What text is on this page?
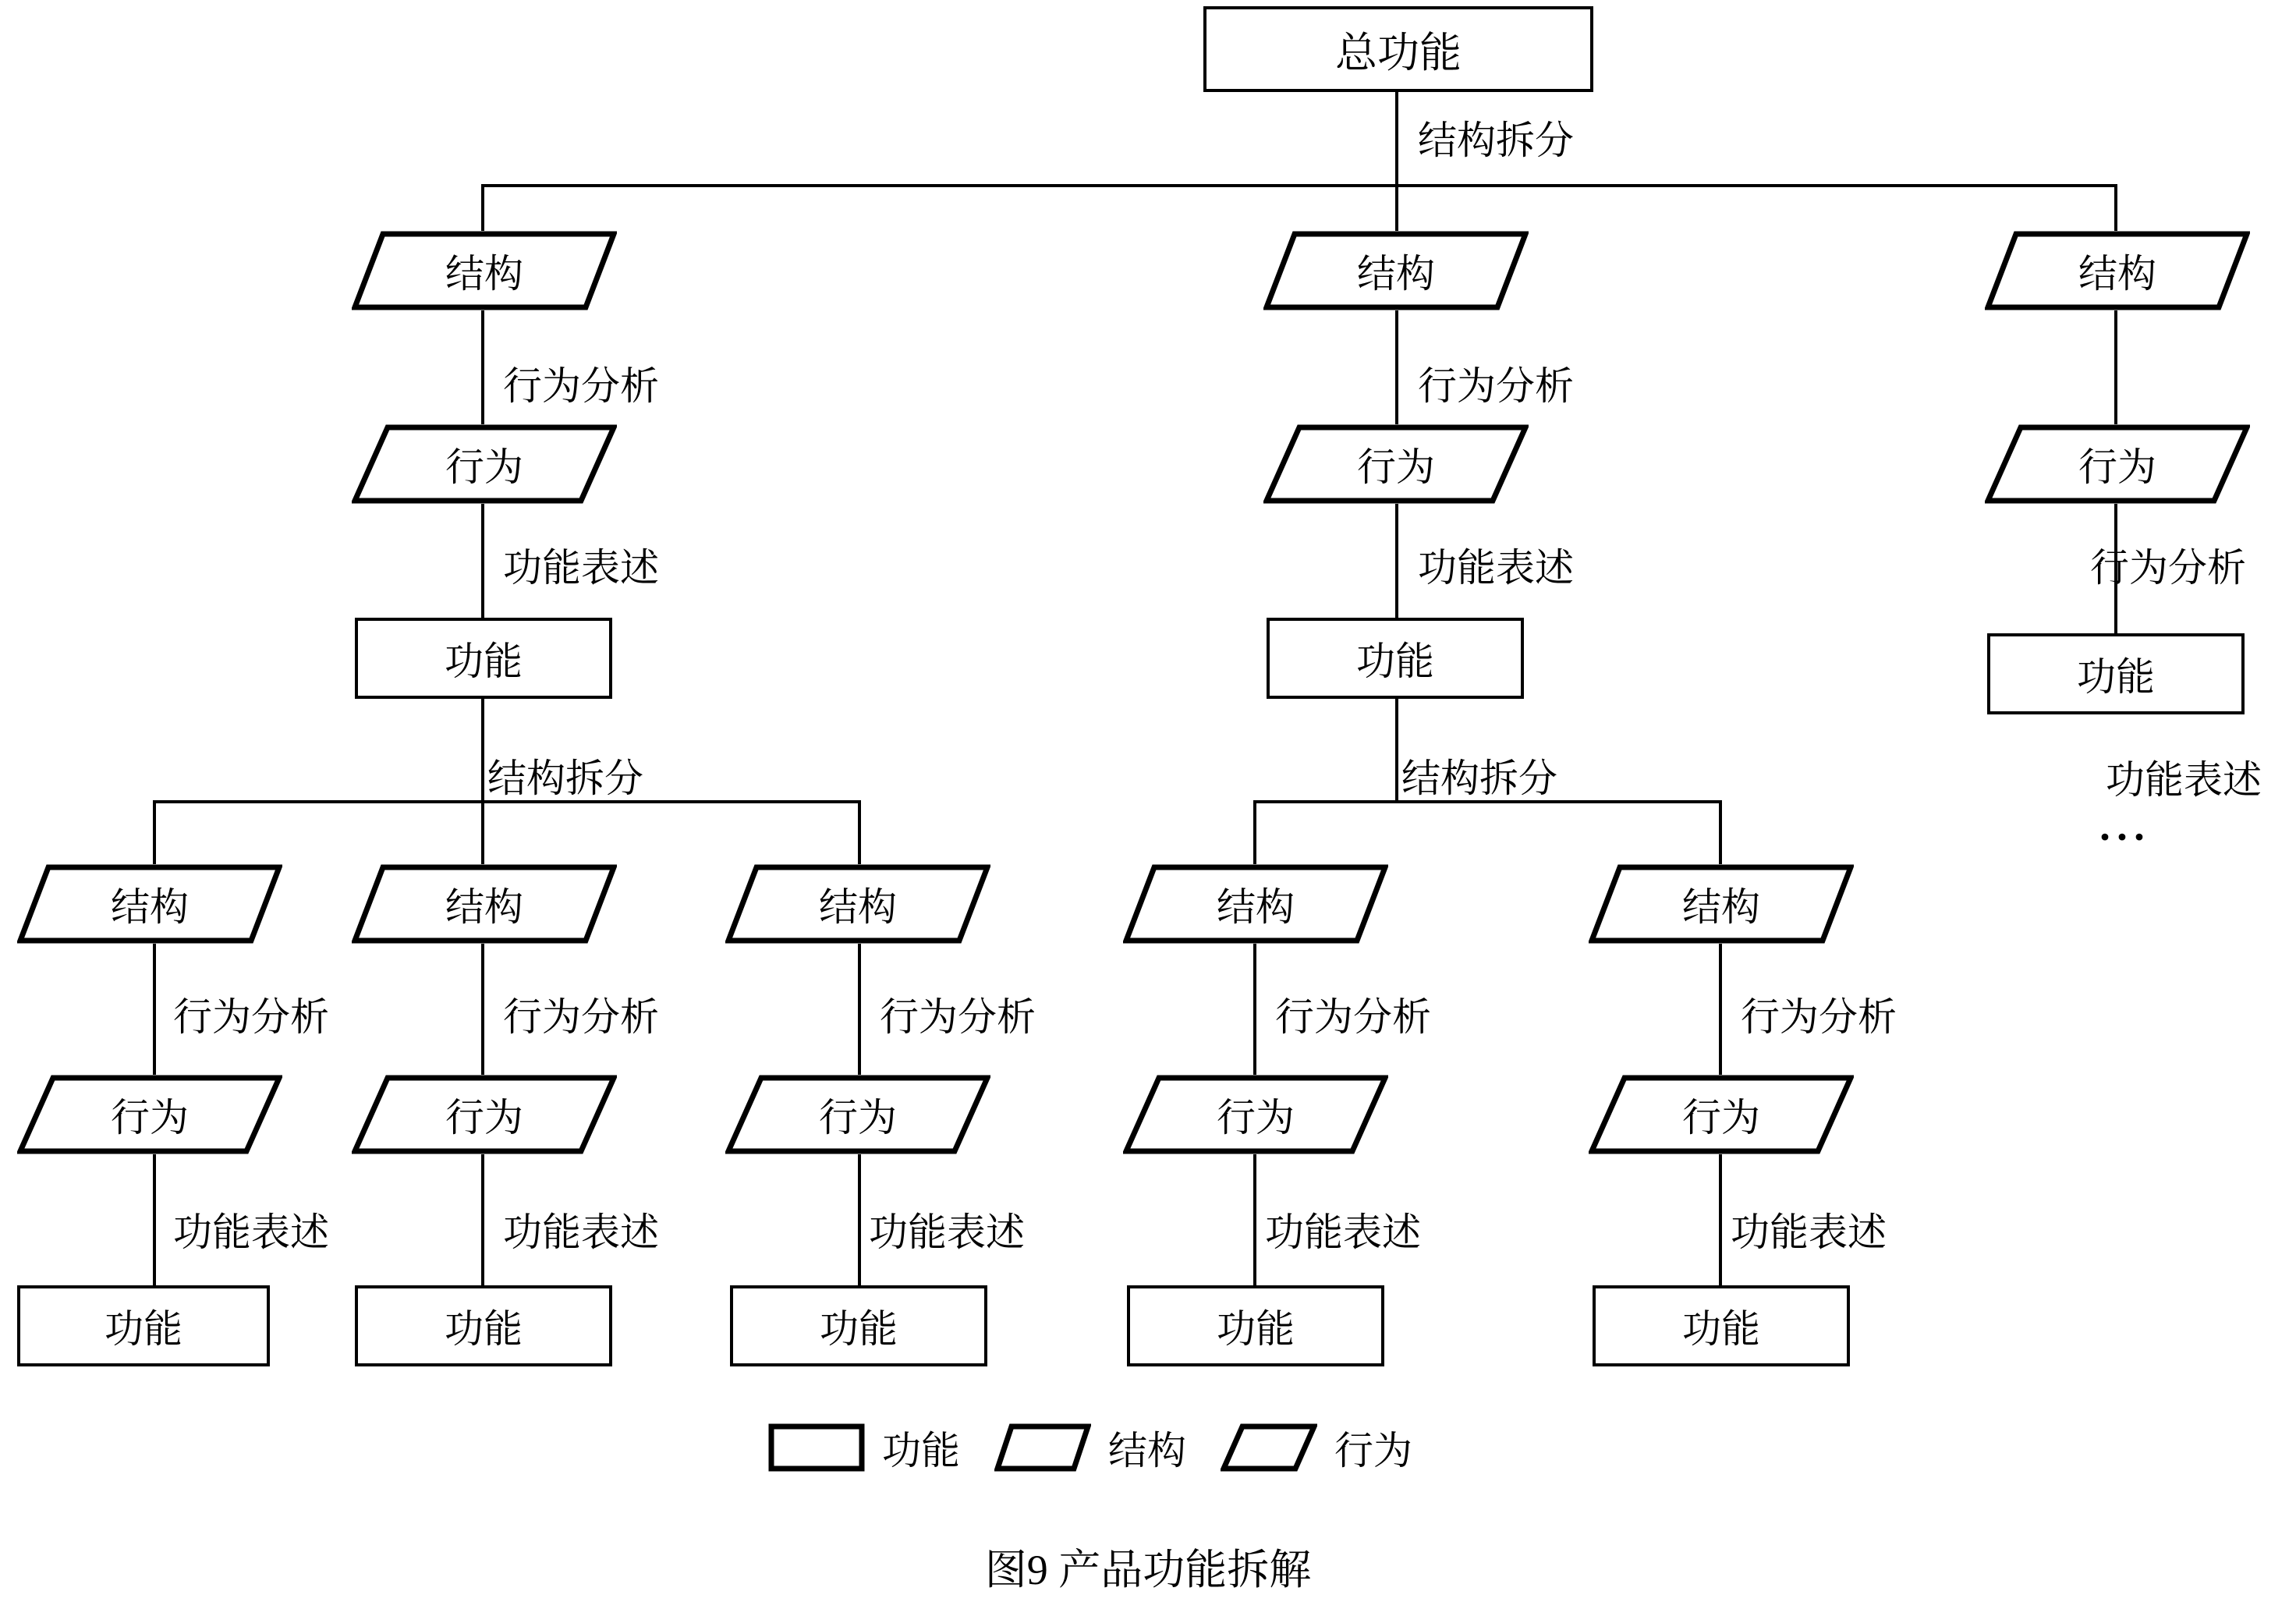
总功能
结构拆分
结构
行为分析
行为
功能表述
功能
结构拆分
结构
行为分析
行为
功能表述
功能
结构
行为分析
行为
功能表述
功能
结构
行为分析
行为
功能表述
功能
结构
行为分析
行为
功能表述
功能
结构拆分
结构
行为分析
行为
功能表述
功能
结构
行为分析
行为
功能表述
功能
结构
行为
行为分析
功能
功能表述
···
功能	结构	行为
图9 产品功能拆解
